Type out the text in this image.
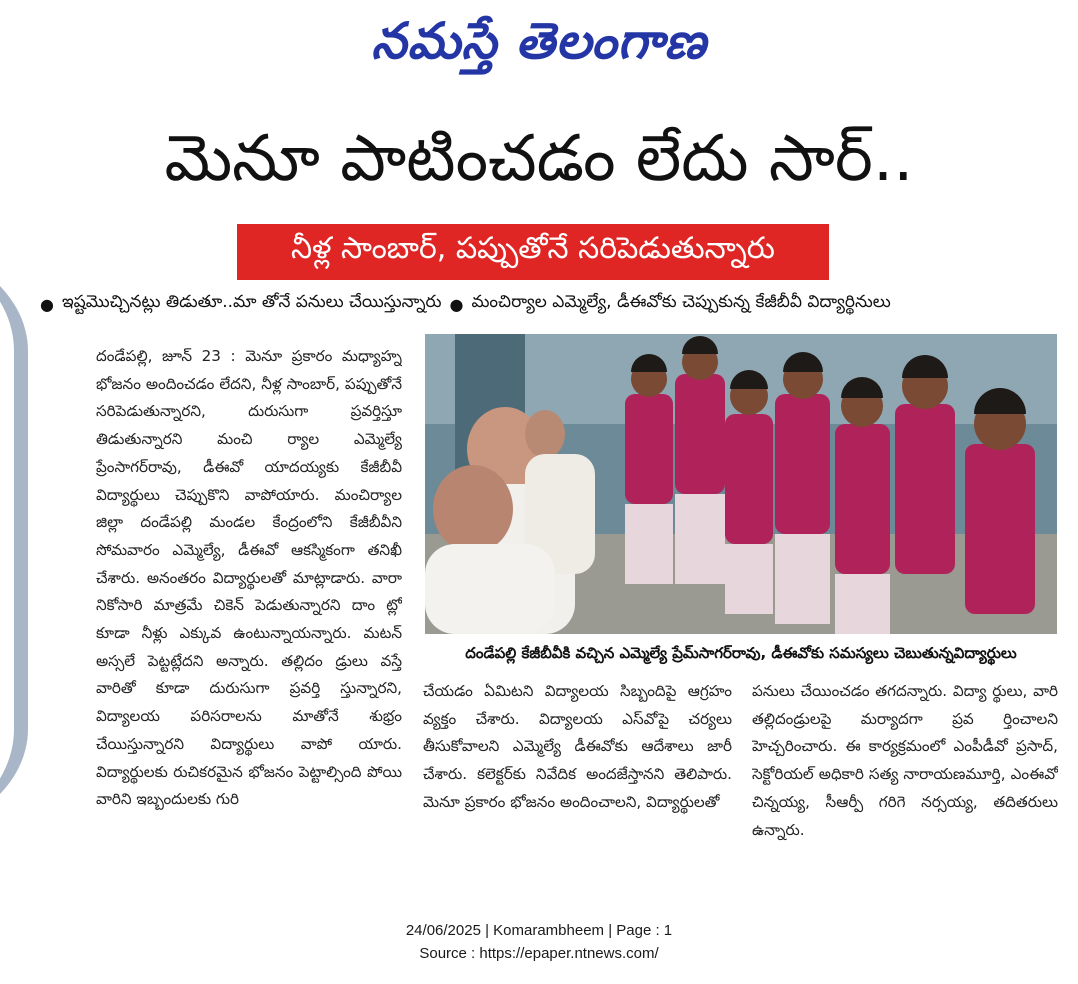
నమస్తే తెలంగాణ
మెనూ పాటించడం లేదు సార్..
నీళ్ల సాంబార్, పప్పుతోనే సరిపెడుతున్నారు
● ఇష్టమొచ్చినట్లు తిడుతూ..మా తోనే పనులు చేయిస్తున్నారు ● మంచిర్యాల ఎమ్మెల్యే, డీఈవోకు చెప్పుకున్న కేజీబీవీ విద్యార్థినులు

దండేపల్లి, జూన్ 23 : మెనూ ప్రకారం మధ్యాహ్న భోజనం అందించడం లేదని, నీళ్ల సాంబార్, పప్పుతోనే సరిపెడుతున్నారని, దురుసుగా ప్రవర్తిస్తూ తిడుతున్నారని మంచి ర్యాల ఎమ్మెల్యే ప్రేంసాగర్‌రావు, డీఈవో యాదయ్యకు కేజీబీవీ విద్యార్థులు చెప్పుకొని వాపోయారు. మంచిర్యాల జిల్లా దండేపల్లి మండల కేంద్రంలోని కేజీబీవీని సోమవారం ఎమ్మెల్యే, డీఈవో ఆకస్మికంగా తనిఖీ చేశారు. అనంతరం విద్యార్థులతో మాట్లాడారు. వారా నికోసారి మాత్రమే చికెన్ పెడుతున్నారని దాం ట్లో కూడా నీళ్లు ఎక్కువ ఉంటున్నాయన్నారు. మటన్ అస్సలే పెట్టట్లేదని అన్నారు. తల్లిదం డ్రులు వస్తే వారితో కూడా దురుసుగా ప్రవర్తి స్తున్నారని, విద్యాలయ పరిసరాలను మాతోనే శుభ్రం చేయిస్తున్నారని విద్యార్థులు వాపో యారు. విద్యార్థులకు రుచికరమైన భోజనం పెట్టాల్సింది పోయి వారిని ఇబ్బందులకు గురి

దండేపల్లి కేజీబీవీకి వచ్చిన ఎమ్మెల్యే ప్రేమ్‌సాగర్‌రావు, డీఈవోకు సమస్యలు చెబుతున్నవిద్యార్థులు

చేయడం ఏమిటని విద్యాలయ సిబ్బందిపై ఆగ్రహం వ్యక్తం చేశారు. విద్యాలయ ఎస్‌వోపై చర్యలు తీసుకోవాలని ఎమ్మెల్యే డీఈవోకు ఆదేశాలు జారీ చేశారు. కలెక్టర్‌కు నివేదిక అందజేస్తానని తెలిపారు. మెనూ ప్రకారం భోజనం అందించాలని, విద్యార్థులతో

పనులు చేయించడం తగదన్నారు. విద్యా ర్థులు, వారి తల్లిదండ్రులపై మర్యాదగా ప్రవ ర్తించాలని హెచ్చరించారు. ఈ కార్యక్రమంలో ఎంపీడీవో ప్రసాద్, సెక్టోరియల్ అధికారి సత్య నారాయణమూర్తి, ఎంఈవో చిన్నయ్య, సీఆర్పీ గరిగె నర్సయ్య, తదితరులు ఉన్నారు.

24/06/2025 | Komarambheem | Page : 1
Source : https://epaper.ntnews.com/
